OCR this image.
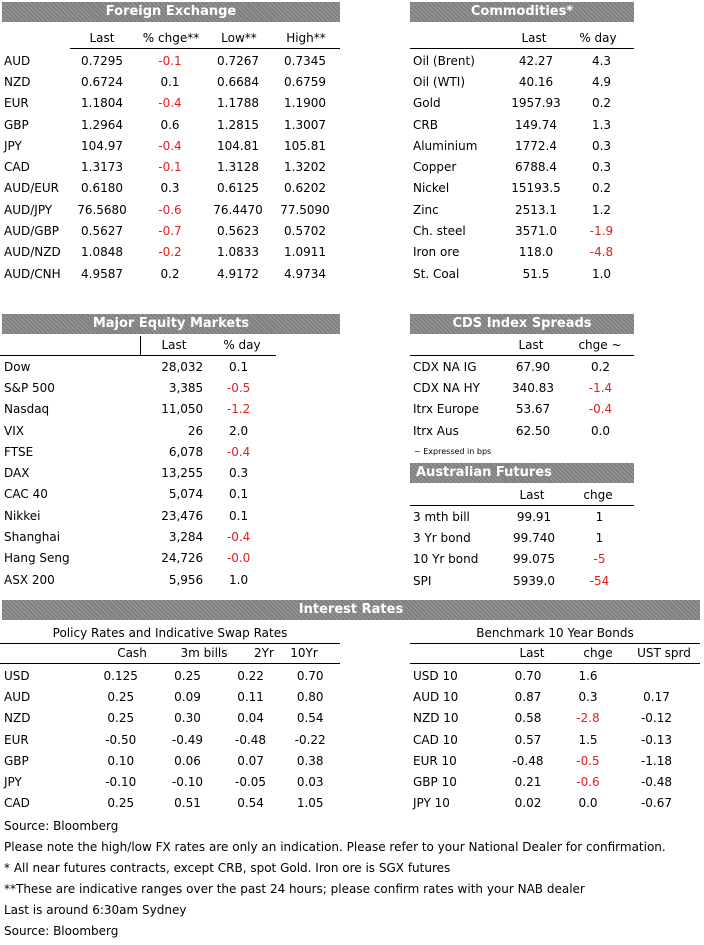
Foreign Exchange
Last	% chge**	Low**	High**
AUD	0.7295	-0.1	0.7267	0.7345
NZD	0.6724	0.1	0.6684	0.6759
EUR	1.1804	-0.4	1.1788	1.1900
GBP	1.2964	0.6	1.2815	1.3007
JPY	104.97	-0.4	104.81	105.81
CAD	1.3173	-0.1	1.3128	1.3202
AUD/EUR	0.6180	0.3	0.6125	0.6202
AUD/JPY	76.5680	-0.6	76.4470	77.5090
AUD/GBP	0.5627	-0.7	0.5623	0.5702
AUD/NZD	1.0848	-0.2	1.0833	1.0911
AUD/CNH	4.9587	0.2	4.9172	4.9734
Commodities*
Last	% day
Oil (Brent)	42.27	4.3
Oil (WTI)	40.16	4.9
Gold	1957.93	0.2
CRB	149.74	1.3
Aluminium	1772.4	0.3
Copper	6788.4	0.3
Nickel	15193.5	0.2
Zinc	2513.1	1.2
Ch. steel	3571.0	-1.9
Iron ore	118.0	-4.8
St. Coal	51.5	1.0
Major Equity Markets
Last	% day
Dow	28,032	0.1
S&P 500	3,385	-0.5
Nasdaq	11,050	-1.2
VIX	26	2.0
FTSE	6,078	-0.4
DAX	13,255	0.3
CAC 40	5,074	0.1
Nikkei	23,476	0.1
Shanghai	3,284	-0.4
Hang Seng	24,726	-0.0
ASX 200	5,956	1.0
CDS Index Spreads
Last	chge ~
CDX NA IG	67.90	0.2
CDX NA HY	340.83	-1.4
Itrx Europe	53.67	-0.4
Itrx Aus	62.50	0.0
~ Expressed in bps
Australian Futures
Last	chge
3 mth bill	99.91	1
3 Yr bond	99.740	1
10 Yr bond	99.075	-5
SPI	5939.0	-54
Interest Rates
Policy Rates and Indicative Swap Rates
Cash	3m bills	2Yr	10Yr
USD	0.125	0.25	0.22	0.70
AUD	0.25	0.09	0.11	0.80
NZD	0.25	0.30	0.04	0.54
EUR	-0.50	-0.49	-0.48	-0.22
GBP	0.10	0.06	0.07	0.38
JPY	-0.10	-0.10	-0.05	0.03
CAD	0.25	0.51	0.54	1.05
Benchmark 10 Year Bonds
Last	chge	UST sprd
USD 10	0.70	1.6	
AUD 10	0.87	0.3	0.17
NZD 10	0.58	-2.8	-0.12
CAD 10	0.57	1.5	-0.13
EUR 10	-0.48	-0.5	-1.18
GBP 10	0.21	-0.6	-0.48
JPY 10	0.02	0.0	-0.67
Source: Bloomberg
Please note the high/low FX rates are only an indication. Please refer to your National Dealer for confirmation.
* All near futures contracts, except CRB, spot Gold. Iron ore is SGX futures
**These are indicative ranges over the past 24 hours; please confirm rates with your NAB dealer
Last is around 6:30am Sydney
Source: Bloomberg
